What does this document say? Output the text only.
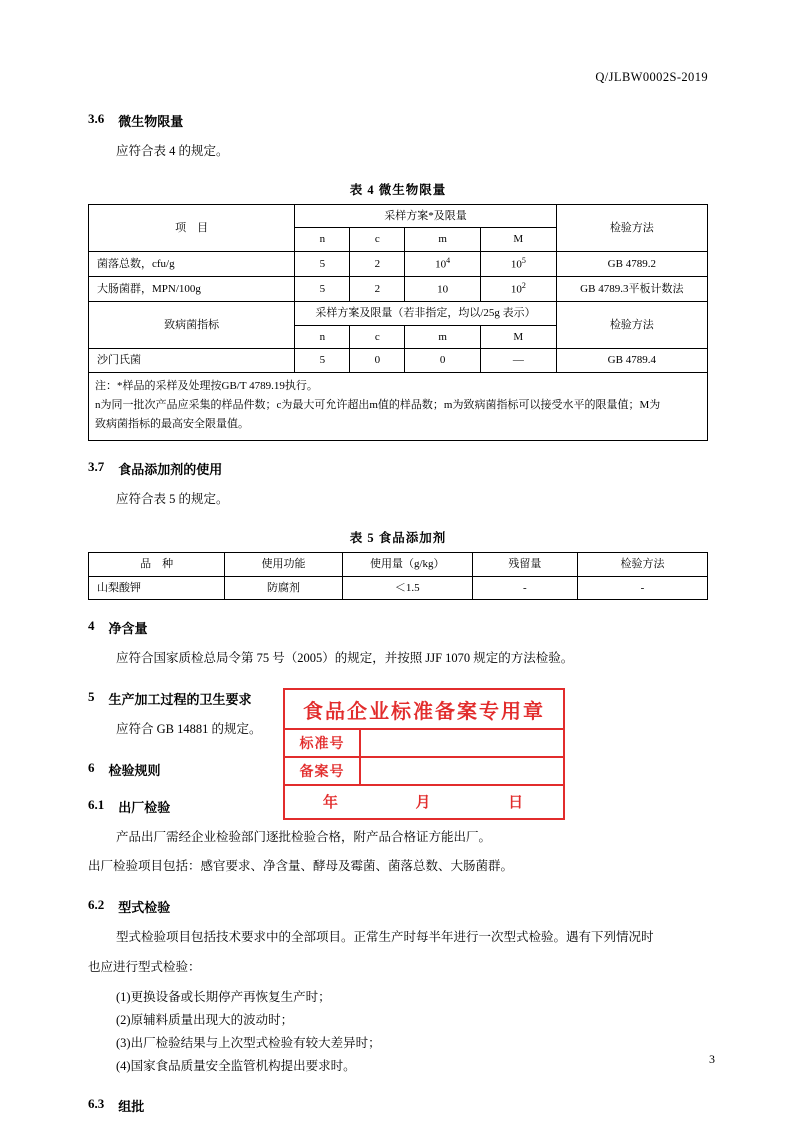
Q/JLBW0002S-2019
3.6 微生物限量
应符合表 4 的规定。
表 4 微生物限量
项　目	采样方案*及限量				检验方法
	n	c	m	M	
菌落总数，cfu/g	5	2	$10^4$	$10^5$	GB 4789.2
大肠菌群，MPN/100g	5	2	10	$10^2$	GB 4789.3平板计数法
致病菌指标	采样方案及限量（若非指定，均以/25g 表示）				检验方法
	n	c	m	M	
沙门氏菌	5	0	0	—	GB 4789.4

注：*样品的采样及处理按GB/T 4789.19执行。
n为同一批次产品应采集的样品件数；c为最大可允许超出m值的样品数；m为致病菌指标可以接受水平的限量值；M为
致病菌指标的最高安全限量值。					
3.7 食品添加剂的使用
应符合表 5 的规定。
表 5 食品添加剂
品　种	使用功能	使用量（g/kg）	残留量	检验方法
山梨酸钾	防腐剂	＜1.5	-	-
4 净含量
应符合国家质检总局令第 75 号（2005）的规定，并按照 JJF 1070 规定的方法检验。
5 生产加工过程的卫生要求
应符合 GB 14881 的规定。
6 检验规则
6.1 出厂检验
产品出厂需经企业检验部门逐批检验合格，附产品合格证方能出厂。
出厂检验项目包括：感官要求、净含量、酵母及霉菌、菌落总数、大肠菌群。
6.2 型式检验
型式检验项目包括技术要求中的全部项目。正常生产时每半年进行一次型式检验。遇有下列情况时
也应进行型式检验：
(1)更换设备或长期停产再恢复生产时；
(2)原辅料质量出现大的波动时；
(3)出厂检验结果与上次型式检验有较大差异时；
(4)国家食品质量安全监管机构提出要求时。
6.3 组批
食品企业标准备案专用章
标准号
备案号
年	月	日
3
